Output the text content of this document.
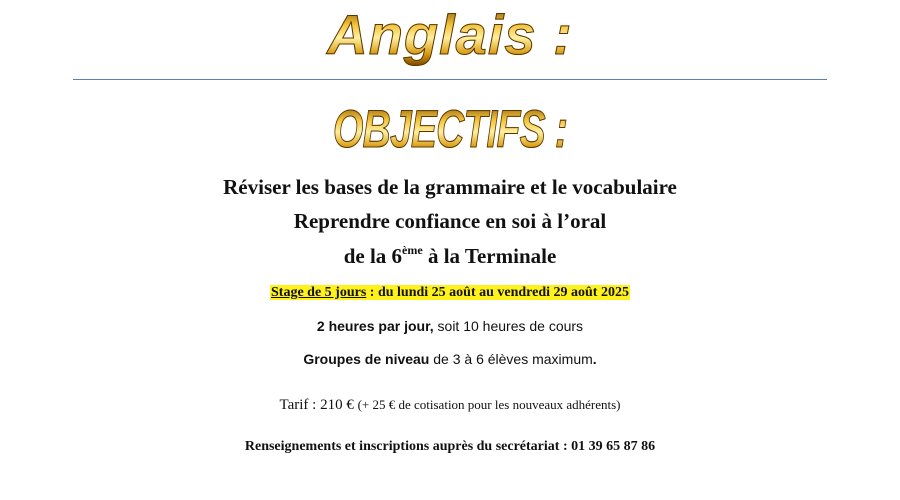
Anglais :
OBJECTIFS :
Réviser les bases de la grammaire et le vocabulaire
Reprendre confiance en soi à l’oral
de la 6ème à la Terminale
Stage de 5 jours : du lundi 25 août au vendredi 29 août 2025
2 heures par jour, soit 10 heures de cours
Groupes de niveau de 3 à 6 élèves maximum.
Tarif : 210 € (+ 25 € de cotisation pour les nouveaux adhérents)
Renseignements et inscriptions auprès du secrétariat : 01 39 65 87 86
